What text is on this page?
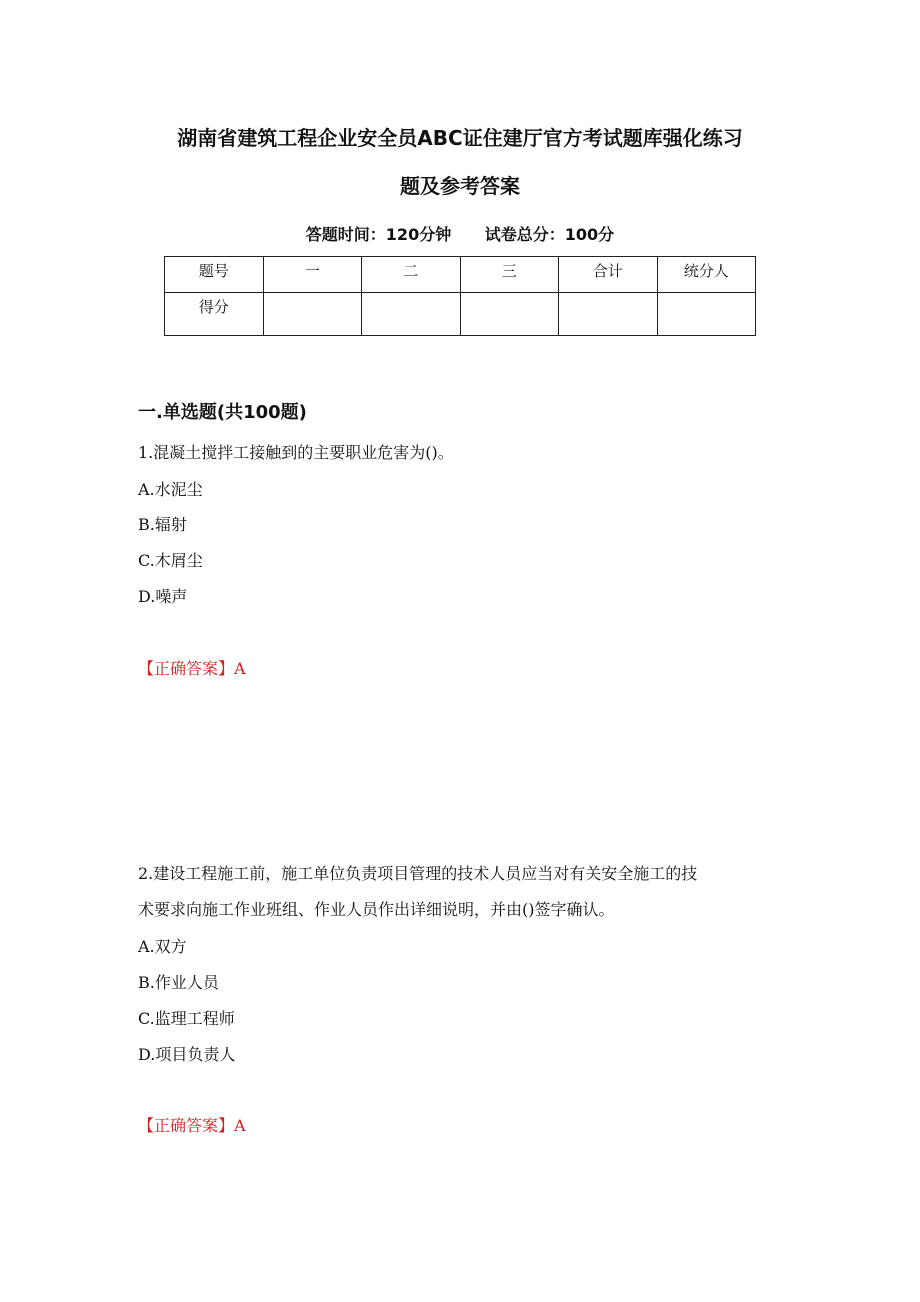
湖南省建筑工程企业安全员ABC证住建厅官方考试题库强化练习
题及参考答案
答题时间：120分钟 试卷总分：100分
题号	一	二	三	合计	统分人
得分					
一.单选题(共100题)
1.混凝土搅拌工接触到的主要职业危害为()。
A.水泥尘
B.辐射
C.木屑尘
D.噪声
【正确答案】A
2.建设工程施工前，施工单位负责项目管理的技术人员应当对有关安全施工的技
术要求向施工作业班组、作业人员作出详细说明，并由()签字确认。
A.双方
B.作业人员
C.监理工程师
D.项目负责人
【正确答案】A
